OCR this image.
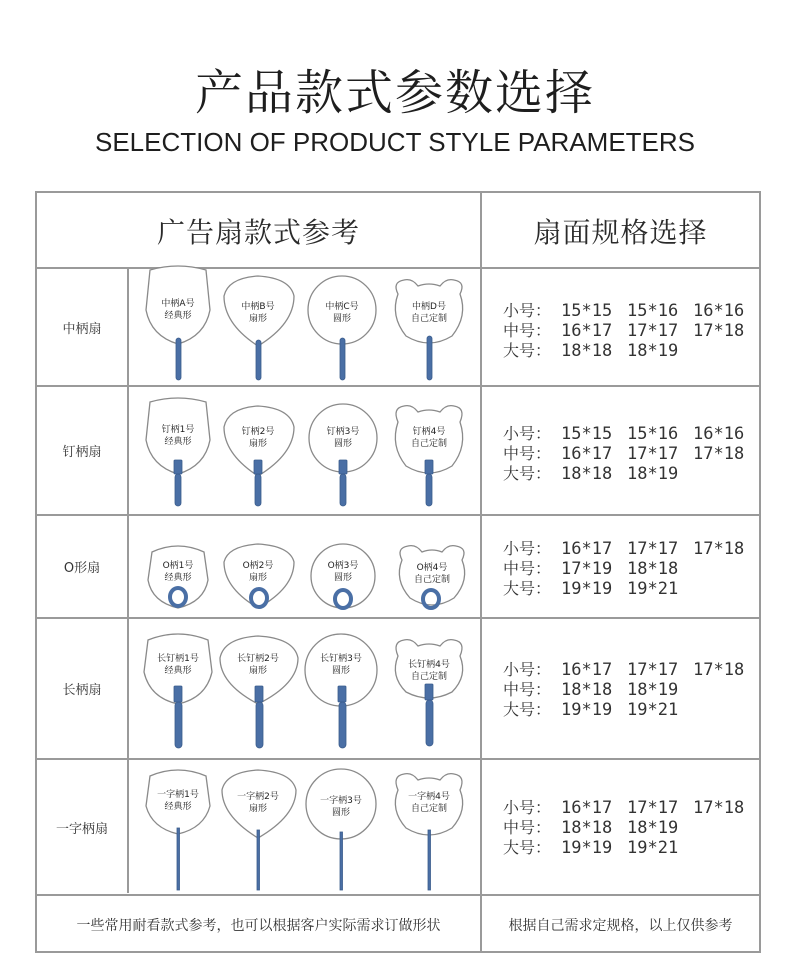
产品款式参数选择
SELECTION OF PRODUCT STYLE PARAMETERS
广告扇款式参考	扇面规格选择
中柄扇
钉柄扇
O形扇
长柄扇
一字柄扇
小号： 15*15 15*16 16*16
中号： 16*17 17*17 17*18
大号： 18*18 18*19
小号： 15*15 15*16 16*16
中号： 16*17 17*17 17*18
大号： 18*18 18*19
小号： 16*17 17*17 17*18
中号： 17*19 18*18
大号： 19*19 19*21
小号： 16*17 17*17 17*18
中号： 18*18 18*19
大号： 19*19 19*21
小号： 16*17 17*17 17*18
中号： 18*18 18*19
大号： 19*19 19*21
一些常用耐看款式参考，也可以根据客户实际需求订做形状	根据自己需求定规格，以上仅供参考
中柄A号
经典形
中柄B号
扇形
中柄C号
圆形
中柄D号
自己定制
钉柄1号
经典形
钉柄2号
扇形
钉柄3号
圆形
钉柄4号
自己定制
O柄1号
经典形
O柄2号
扇形
O柄3号
圆形
O柄4号
自己定制
长钉柄1号
经典形
长钉柄2号
扇形
长钉柄3号
圆形
长钉柄4号
自己定制
一字柄1号
经典形
一字柄2号
扇形
一字柄3号
圆形
一字柄4号
自己定制
